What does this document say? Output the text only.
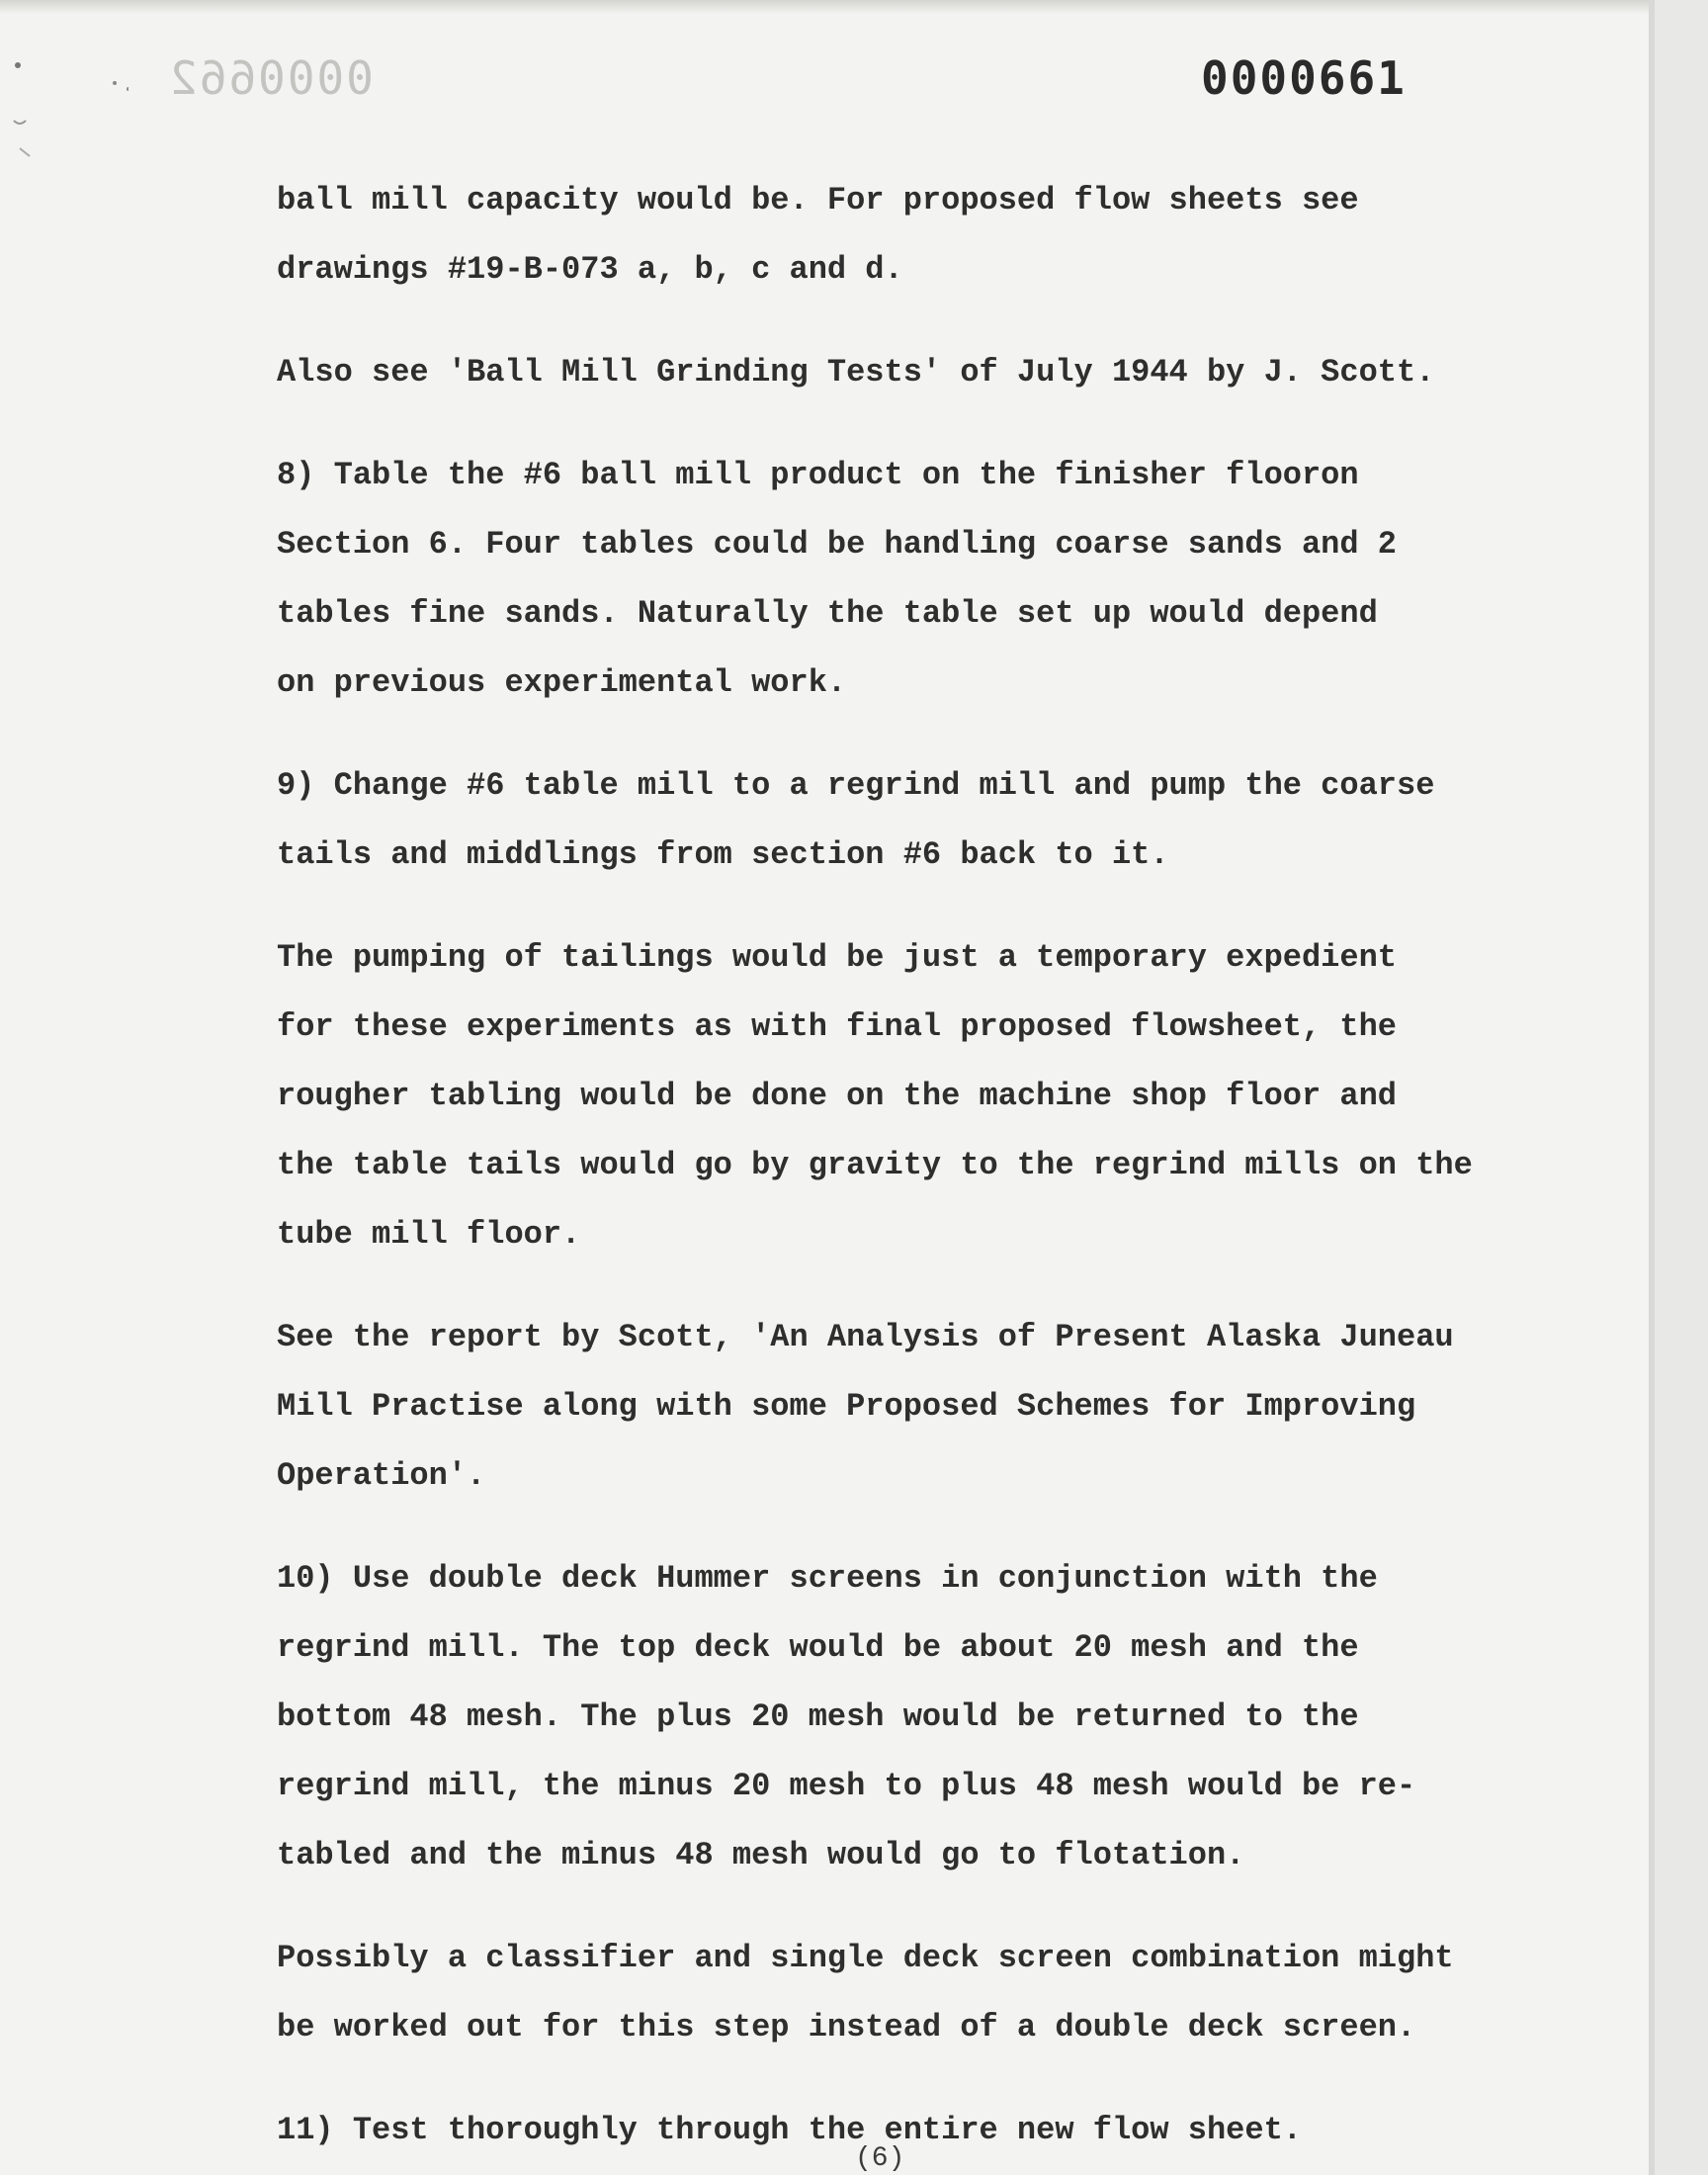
0000662	0000661

ball mill capacity would be. For proposed flow sheets see
drawings #19-B-073 a, b, c and d.

Also see 'Ball Mill Grinding Tests' of July 1944 by J. Scott.

8) Table the #6 ball mill product on the finisher flooron
Section 6. Four tables could be handling coarse sands and 2
tables fine sands. Naturally the table set up would depend
on previous experimental work.

9) Change #6 table mill to a regrind mill and pump the coarse
tails and middlings from section #6 back to it.

The pumping of tailings would be just a temporary expedient
for these experiments as with final proposed flowsheet, the
rougher tabling would be done on the machine shop floor and
the table tails would go by gravity to the regrind mills on the
tube mill floor.

See the report by Scott, 'An Analysis of Present Alaska Juneau
Mill Practise along with some Proposed Schemes for Improving
Operation'.

10) Use double deck Hummer screens in conjunction with the
regrind mill. The top deck would be about 20 mesh and the
bottom 48 mesh. The plus 20 mesh would be returned to the
regrind mill, the minus 20 mesh to plus 48 mesh would be re-
tabled and the minus 48 mesh would go to flotation.

Possibly a classifier and single deck screen combination might
be worked out for this step instead of a double deck screen.

11) Test thoroughly through the entire new flow sheet.

(6)
